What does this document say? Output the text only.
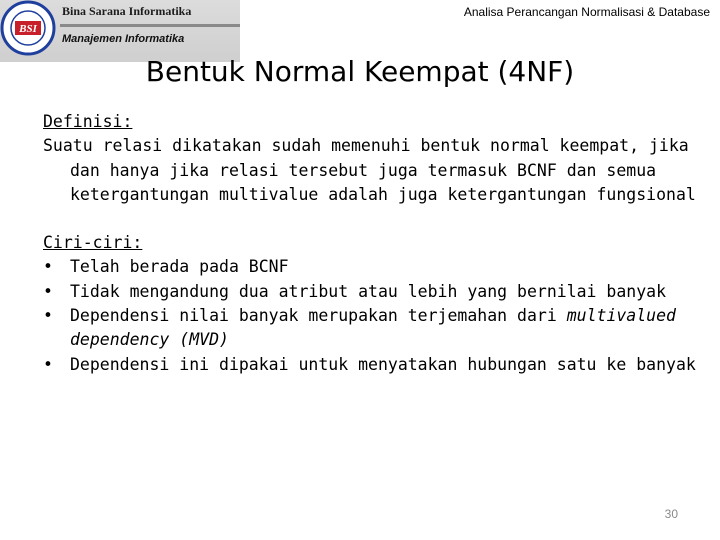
BSI
Bina Sarana Informatika
Manajemen Informatika
Analisa Perancangan Normalisasi & Database
Bentuk Normal Keempat (4NF)

Definisi:

Suatu relasi dikatakan sudah memenuhi bentuk normal keempat, jika dan hanya jika relasi tersebut juga termasuk BCNF dan semua ketergantungan multivalue adalah juga ketergantungan fungsional

Ciri-ciri:

• Telah berada pada BCNF
• Tidak mengandung dua atribut atau lebih yang bernilai banyak
• Dependensi nilai banyak merupakan terjemahan dari multivalued dependency (MVD)
• Dependensi ini dipakai untuk menyatakan hubungan satu ke banyak
30
